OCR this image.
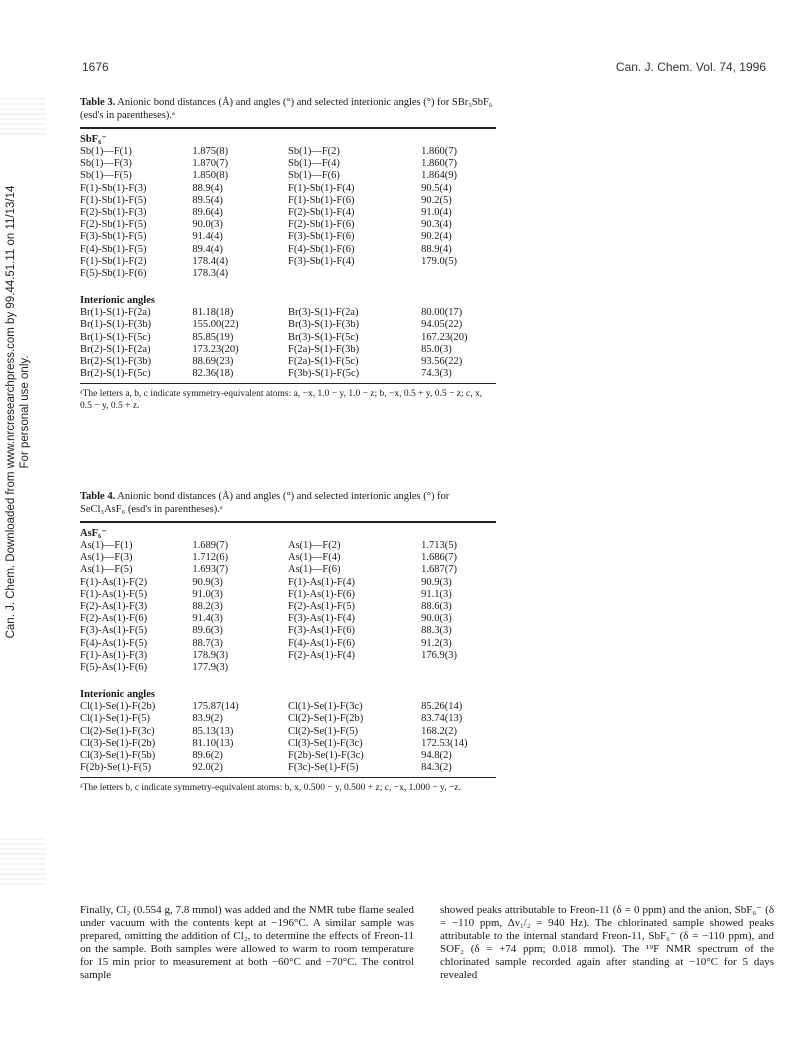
1676	Can. J. Chem. Vol. 74, 1996
Can. J. Chem. Downloaded from www.nrcresearchpress.com by 99.44.51.11 on 11/13/14 For personal use only.
Table 3. Anionic bond distances (Å) and angles (°) and selected interionic angles (°) for SBr₃SbF₆ (esd's in parentheses).ᵃ
SbF₆⁻
Sb(1)—F(1)	1.875(8)	Sb(1)—F(2)	1.860(7)
Sb(1)—F(3)	1.870(7)	Sb(1)—F(4)	1.860(7)
Sb(1)—F(5)	1.850(8)	Sb(1)—F(6)	1.864(9)
F(1)-Sb(1)-F(3)	88.9(4)	F(1)-Sb(1)-F(4)	90.5(4)
F(1)-Sb(1)-F(5)	89.5(4)	F(1)-Sb(1)-F(6)	90.2(5)
F(2)-Sb(1)-F(3)	89.6(4)	F(2)-Sb(1)-F(4)	91.0(4)
F(2)-Sb(1)-F(5)	90.0(3)	F(2)-Sb(1)-F(6)	90.3(4)
F(3)-Sb(1)-F(5)	91.4(4)	F(3)-Sb(1)-F(6)	90.2(4)
F(4)-Sb(1)-F(5)	89.4(4)	F(4)-Sb(1)-F(6)	88.9(4)
F(1)-Sb(1)-F(2)	178.4(4)	F(3)-Sb(1)-F(4)	179.0(5)
F(5)-Sb(1)-F(6)	178.3(4)		
Interionic angles
Br(1)-S(1)-F(2a)	81.18(18)	Br(3)-S(1)-F(2a)	80.00(17)
Br(1)-S(1)-F(3b)	155.00(22)	Br(3)-S(1)-F(3b)	94.05(22)
Br(1)-S(1)-F(5c)	85.85(19)	Br(3)-S(1)-F(5c)	167.23(20)
Br(2)-S(1)-F(2a)	173.23(20)	F(2a)-S(1)-F(3b)	85.0(3)
Br(2)-S(1)-F(3b)	88.69(23)	F(2a)-S(1)-F(5c)	93.56(22)
Br(2)-S(1)-F(5c)	82.36(18)	F(3b)-S(1)-F(5c)	74.3(3)
ᵃThe letters a, b, c indicate symmetry-equivalent atoms: a, −x, 1.0 − y, 1.0 − z; b, −x, 0.5 + y, 0.5 − z; c, x, 0.5 − y, 0.5 + z.
Table 4. Anionic bond distances (Å) and angles (°) and selected interionic angles (°) for SeCl₃AsF₆ (esd's in parentheses).ᵃ
AsF₆⁻
As(1)—F(1)	1.689(7)	As(1)—F(2)	1.713(5)
As(1)—F(3)	1.712(6)	As(1)—F(4)	1.686(7)
As(1)—F(5)	1.693(7)	As(1)—F(6)	1.687(7)
F(1)-As(1)-F(2)	90.9(3)	F(1)-As(1)-F(4)	90.9(3)
F(1)-As(1)-F(5)	91.0(3)	F(1)-As(1)-F(6)	91.1(3)
F(2)-As(1)-F(3)	88.2(3)	F(2)-As(1)-F(5)	88.6(3)
F(2)-As(1)-F(6)	91.4(3)	F(3)-As(1)-F(4)	90.0(3)
F(3)-As(1)-F(5)	89.6(3)	F(3)-As(1)-F(6)	88.3(3)
F(4)-As(1)-F(5)	88.7(3)	F(4)-As(1)-F(6)	91.2(3)
F(1)-As(1)-F(3)	178.9(3)	F(2)-As(1)-F(4)	176.9(3)
F(5)-As(1)-F(6)	177.9(3)		
Interionic angles
Cl(1)-Se(1)-F(2b)	175.87(14)	Cl(1)-Se(1)-F(3c)	85.26(14)
Cl(1)-Se(1)-F(5)	83.9(2)	Cl(2)-Se(1)-F(2b)	83.74(13)
Cl(2)-Se(1)-F(3c)	85.13(13)	Cl(2)-Se(1)-F(5)	168.2(2)
Cl(3)-Se(1)-F(2b)	81.10(13)	Cl(3)-Se(1)-F(3c)	172.53(14)
Cl(3)-Se(1)-F(5b)	89.6(2)	F(2b)-Se(1)-F(3c)	94.8(2)
F(2b)-Se(1)-F(5)	92.0(2)	F(3c)-Se(1)-F(5)	84.3(2)
ᵃThe letters b, c indicate symmetry-equivalent atoms: b, x, 0.500 − y, 0.500 + z; c, −x, 1.000 − y, −z.
Finally, Cl₂ (0.554 g, 7.8 mmol) was added and the NMR tube flame sealed under vacuum with the contents kept at −196°C. A similar sample was prepared, omitting the addition of Cl₂, to determine the effects of Freon-11 on the sample. Both samples were allowed to warm to room temperature for 15 min prior to measurement at both −60°C and −70°C. The control sample
showed peaks attributable to Freon-11 (δ = 0 ppm) and the anion, SbF₆⁻ (δ = −110 ppm, Δν₁/₂ = 940 Hz). The chlorinated sample showed peaks attributable to the internal standard Freon-11, SbF₆⁻ (δ = −110 ppm), and SOF₂ (δ = +74 ppm; 0.018 mmol). The ¹⁹F NMR spectrum of the chlorinated sample recorded again after standing at −10°C for 5 days revealed
